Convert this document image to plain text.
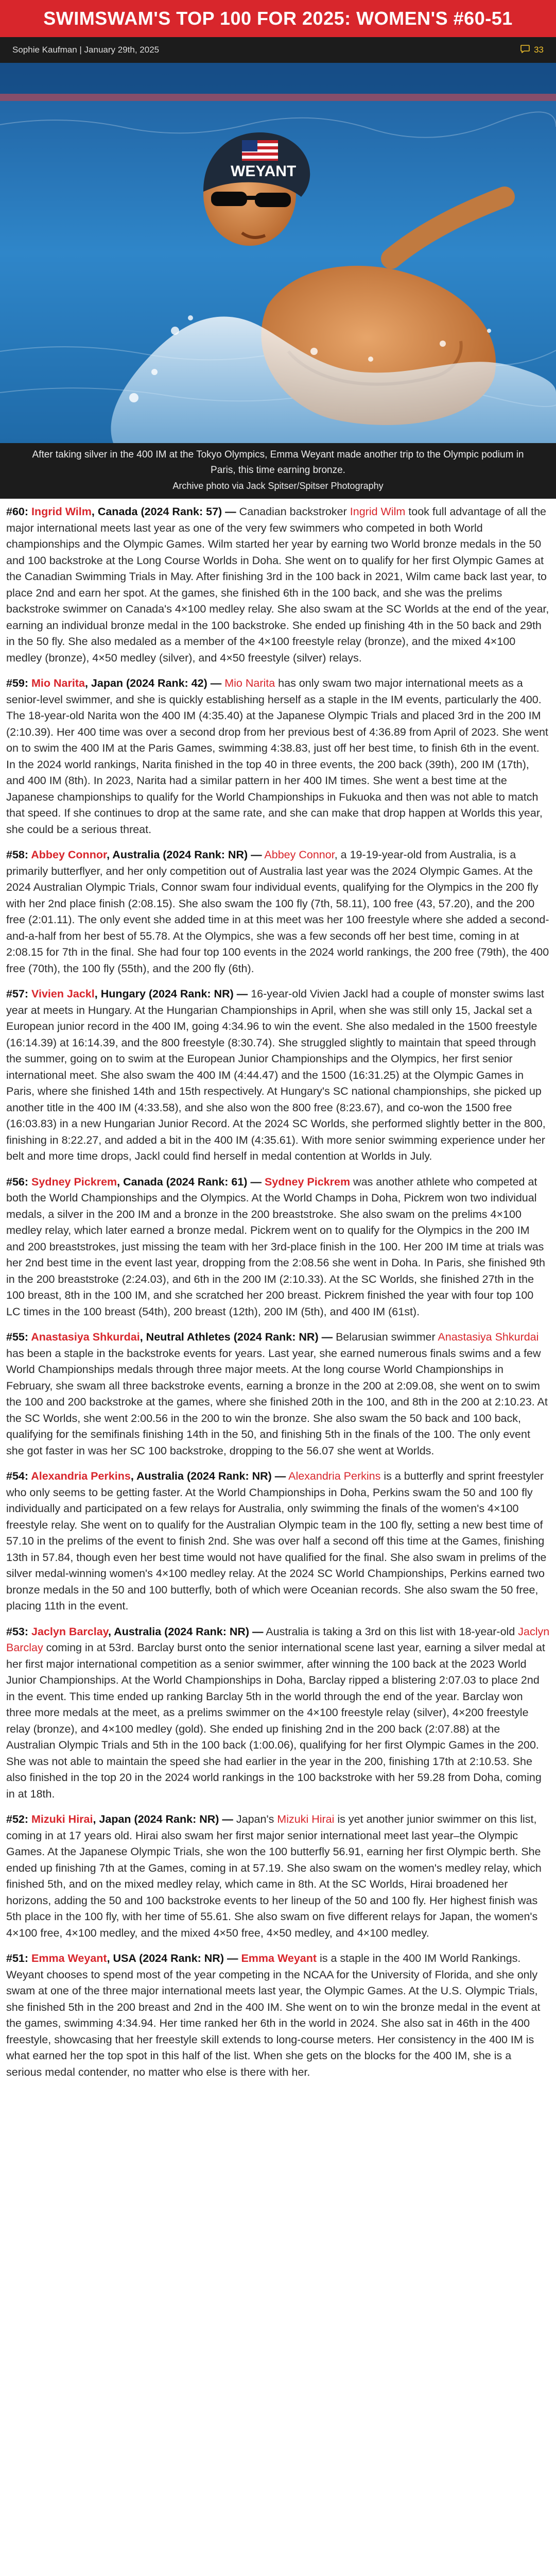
SWIMSWAM'S TOP 100 FOR 2025: WOMEN'S #60-51
Sophie Kaufman | January 29th, 2025	33
WEYANT
After taking silver in the 400 IM at the Tokyo Olympics, Emma Weyant made another trip to the Olympic podium in Paris, this time earning bronze.
Archive photo via Jack Spitser/Spitser Photography

#60: Ingrid Wilm, Canada (2024 Rank: 57) — Canadian backstroker Ingrid Wilm took full advantage of all the major international meets last year as one of the very few swimmers who competed in both World championships and the Olympic Games. Wilm started her year by earning two World bronze medals in the 50 and 100 backstroke at the Long Course Worlds in Doha. She went on to qualify for her first Olympic Games at the Canadian Swimming Trials in May. After finishing 3rd in the 100 back in 2021, Wilm came back last year, to place 2nd and earn her spot. At the games, she finished 6th in the 100 back, and she was the prelims backstroke swimmer on Canada's 4×100 medley relay. She also swam at the SC Worlds at the end of the year, earning an individual bronze medal in the 100 backstroke. She ended up finishing 4th in the 50 back and 29th in the 50 fly. She also medaled as a member of the 4×100 freestyle relay (bronze), and the mixed 4×100 medley (bronze), 4×50 medley (silver), and 4×50 freestyle (silver) relays.

#59: Mio Narita, Japan (2024 Rank: 42) — Mio Narita has only swam two major international meets as a senior-level swimmer, and she is quickly establishing herself as a staple in the IM events, particularly the 400. The 18-year-old Narita won the 400 IM (4:35.40) at the Japanese Olympic Trials and placed 3rd in the 200 IM (2:10.39). Her 400 time was over a second drop from her previous best of 4:36.89 from April of 2023. She went on to swim the 400 IM at the Paris Games, swimming 4:38.83, just off her best time, to finish 6th in the event. In the 2024 world rankings, Narita finished in the top 40 in three events, the 200 back (39th), 200 IM (17th), and 400 IM (8th). In 2023, Narita had a similar pattern in her 400 IM times. She went a best time at the Japanese championships to qualify for the World Championships in Fukuoka and then was not able to match that speed. If she continues to drop at the same rate, and she can make that drop happen at Worlds this year, she could be a serious threat.

#58: Abbey Connor, Australia (2024 Rank: NR) — Abbey Connor, a 19-19-year-old from Australia, is a primarily butterflyer, and her only competition out of Australia last year was the 2024 Olympic Games. At the 2024 Australian Olympic Trials, Connor swam four individual events, qualifying for the Olympics in the 200 fly with her 2nd place finish (2:08.15). She also swam the 100 fly (7th, 58.11), 100 free (43, 57.20), and the 200 free (2:01.11). The only event she added time in at this meet was her 100 freestyle where she added a second-and-a-half from her best of 55.78. At the Olympics, she was a few seconds off her best time, coming in at 2:08.15 for 7th in the final. She had four top 100 events in the 2024 world rankings, the 200 free (79th), the 400 free (70th), the 100 fly (55th), and the 200 fly (6th).

#57: Vivien Jackl, Hungary (2024 Rank: NR) — 16-year-old Vivien Jackl had a couple of monster swims last year at meets in Hungary. At the Hungarian Championships in April, when she was still only 15, Jackal set a European junior record in the 400 IM, going 4:34.96 to win the event. She also medaled in the 1500 freestyle (16:14.39) at 16:14.39, and the 800 freestyle (8:30.74). She struggled slightly to maintain that speed through the summer, going on to swim at the European Junior Championships and the Olympics, her first senior international meet. She also swam the 400 IM (4:44.47) and the 1500 (16:31.25) at the Olympic Games in Paris, where she finished 14th and 15th respectively. At Hungary's SC national championships, she picked up another title in the 400 IM (4:33.58), and she also won the 800 free (8:23.67), and co-won the 1500 free (16:03.83) in a new Hungarian Junior Record. At the 2024 SC Worlds, she performed slightly better in the 800, finishing in 8:22.27, and added a bit in the 400 IM (4:35.61). With more senior swimming experience under her belt and more time drops, Jackl could find herself in medal contention at Worlds in July.

#56: Sydney Pickrem, Canada (2024 Rank: 61) — Sydney Pickrem was another athlete who competed at both the World Championships and the Olympics. At the World Champs in Doha, Pickrem won two individual medals, a silver in the 200 IM and a bronze in the 200 breaststroke. She also swam on the prelims 4×100 medley relay, which later earned a bronze medal. Pickrem went on to qualify for the Olympics in the 200 IM and 200 breaststrokes, just missing the team with her 3rd-place finish in the 100. Her 200 IM time at trials was her 2nd best time in the event last year, dropping from the 2:08.56 she went in Doha. In Paris, she finished 9th in the 200 breaststroke (2:24.03), and 6th in the 200 IM (2:10.33). At the SC Worlds, she finished 27th in the 100 breast, 8th in the 100 IM, and she scratched her 200 breast. Pickrem finished the year with four top 100 LC times in the 100 breast (54th), 200 breast (12th), 200 IM (5th), and 400 IM (61st).

#55: Anastasiya Shkurdai, Neutral Athletes (2024 Rank: NR) — Belarusian swimmer Anastasiya Shkurdai has been a staple in the backstroke events for years. Last year, she earned numerous finals swims and a few World Championships medals through three major meets. At the long course World Championships in February, she swam all three backstroke events, earning a bronze in the 200 at 2:09.08, she went on to swim the 100 and 200 backstroke at the games, where she finished 20th in the 100, and 8th in the 200 at 2:10.23. At the SC Worlds, she went 2:00.56 in the 200 to win the bronze. She also swam the 50 back and 100 back, qualifying for the semifinals finishing 14th in the 50, and finishing 5th in the finals of the 100. The only event she got faster in was her SC 100 backstroke, dropping to the 56.07 she went at Worlds.

#54: Alexandria Perkins, Australia (2024 Rank: NR) — Alexandria Perkins is a butterfly and sprint freestyler who only seems to be getting faster. At the World Championships in Doha, Perkins swam the 50 and 100 fly individually and participated on a few relays for Australia, only swimming the finals of the women's 4×100 freestyle relay. She went on to qualify for the Australian Olympic team in the 100 fly, setting a new best time of 57.10 in the prelims of the event to finish 2nd. She was over half a second off this time at the Games, finishing 13th in 57.84, though even her best time would not have qualified for the final. She also swam in prelims of the silver medal-winning women's 4×100 medley relay. At the 2024 SC World Championships, Perkins earned two bronze medals in the 50 and 100 butterfly, both of which were Oceanian records. She also swam the 50 free, placing 11th in the event.

#53: Jaclyn Barclay, Australia (2024 Rank: NR) — Australia is taking a 3rd on this list with 18-year-old Jaclyn Barclay coming in at 53rd. Barclay burst onto the senior international scene last year, earning a silver medal at her first major international competition as a senior swimmer, after winning the 100 back at the 2023 World Junior Championships. At the World Championships in Doha, Barclay ripped a blistering 2:07.03 to place 2nd in the event. This time ended up ranking Barclay 5th in the world through the end of the year. Barclay won three more medals at the meet, as a prelims swimmer on the 4×100 freestyle relay (silver), 4×200 freestyle relay (bronze), and 4×100 medley (gold). She ended up finishing 2nd in the 200 back (2:07.88) at the Australian Olympic Trials and 5th in the 100 back (1:00.06), qualifying for her first Olympic Games in the 200. She was not able to maintain the speed she had earlier in the year in the 200, finishing 17th at 2:10.53. She also finished in the top 20 in the 2024 world rankings in the 100 backstroke with her 59.28 from Doha, coming in at 18th.

#52: Mizuki Hirai, Japan (2024 Rank: NR) — Japan's Mizuki Hirai is yet another junior swimmer on this list, coming in at 17 years old. Hirai also swam her first major senior international meet last year–the Olympic Games. At the Japanese Olympic Trials, she won the 100 butterfly 56.91, earning her first Olympic berth. She ended up finishing 7th at the Games, coming in at 57.19. She also swam on the women's medley relay, which finished 5th, and on the mixed medley relay, which came in 8th. At the SC Worlds, Hirai broadened her horizons, adding the 50 and 100 backstroke events to her lineup of the 50 and 100 fly. Her highest finish was 5th place in the 100 fly, with her time of 55.61. She also swam on five different relays for Japan, the women's 4×100 free, 4×100 medley, and the mixed 4×50 free, 4×50 medley, and 4×100 medley.

#51: Emma Weyant, USA (2024 Rank: NR) — Emma Weyant is a staple in the 400 IM World Rankings. Weyant chooses to spend most of the year competing in the NCAA for the University of Florida, and she only swam at one of the three major international meets last year, the Olympic Games. At the U.S. Olympic Trials, she finished 5th in the 200 breast and 2nd in the 400 IM. She went on to win the bronze medal in the event at the games, swimming 4:34.94. Her time ranked her 6th in the world in 2024. She also sat in 46th in the 400 freestyle, showcasing that her freestyle skill extends to long-course meters. Her consistency in the 400 IM is what earned her the top spot in this half of the list. When she gets on the blocks for the 400 IM, she is a serious medal contender, no matter who else is there with her.
